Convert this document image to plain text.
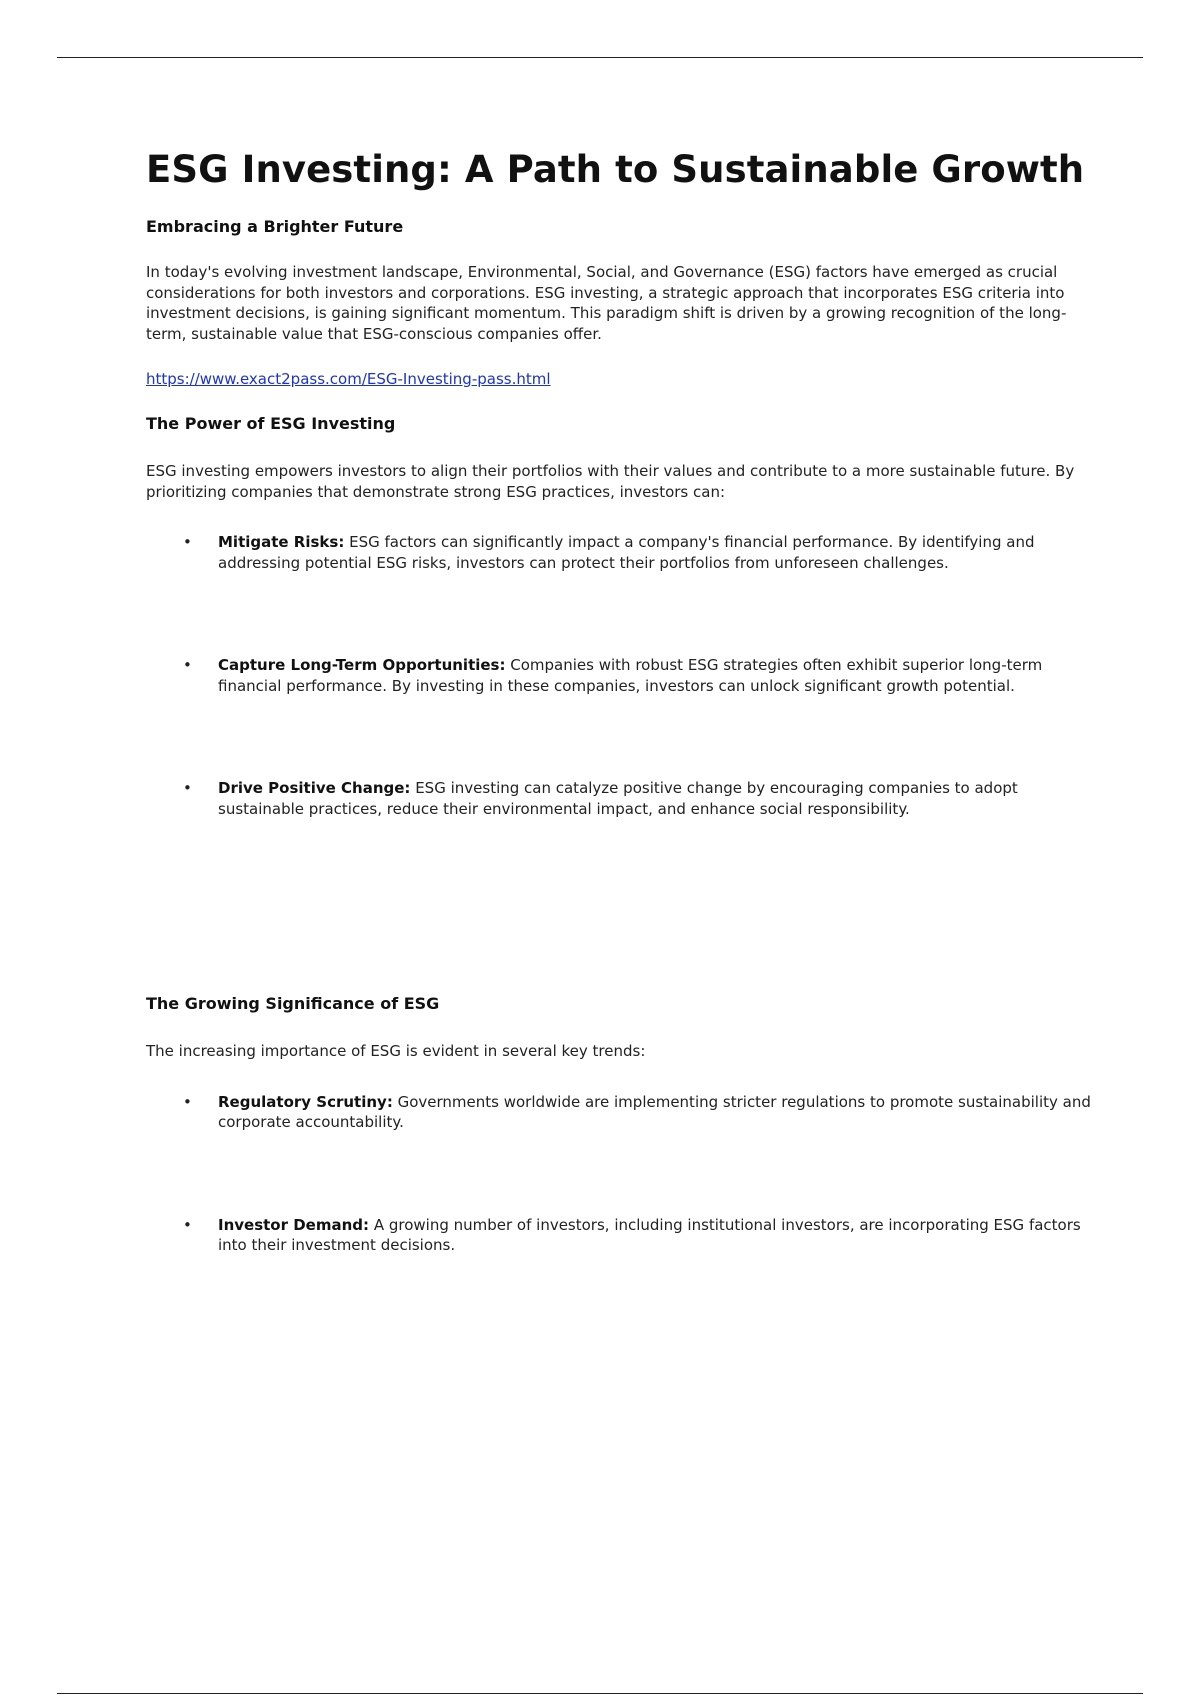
ESG Investing: A Path to Sustainable Growth
Embracing a Brighter Future

In today's evolving investment landscape, Environmental, Social, and Governance (ESG) factors have emerged as crucial considerations for both investors and corporations. ESG investing, a strategic approach that incorporates ESG criteria into investment decisions, is gaining significant momentum. This paradigm shift is driven by a growing recognition of the long-term, sustainable value that ESG-conscious companies offer.

https://www.exact2pass.com/ESG-Investing-pass.html
The Power of ESG Investing

ESG investing empowers investors to align their portfolios with their values and contribute to a more sustainable future. By prioritizing companies that demonstrate strong ESG practices, investors can:

• Mitigate Risks: ESG factors can significantly impact a company's financial performance. By identifying and addressing potential ESG risks, investors can protect their portfolios from unforeseen challenges.
• Capture Long-Term Opportunities: Companies with robust ESG strategies often exhibit superior long-term financial performance. By investing in these companies, investors can unlock significant growth potential.
• Drive Positive Change: ESG investing can catalyze positive change by encouraging companies to adopt sustainable practices, reduce their environmental impact, and enhance social responsibility.
The Growing Significance of ESG

The increasing importance of ESG is evident in several key trends:

• Regulatory Scrutiny: Governments worldwide are implementing stricter regulations to promote sustainability and corporate accountability.
• Investor Demand: A growing number of investors, including institutional investors, are incorporating ESG factors into their investment decisions.
